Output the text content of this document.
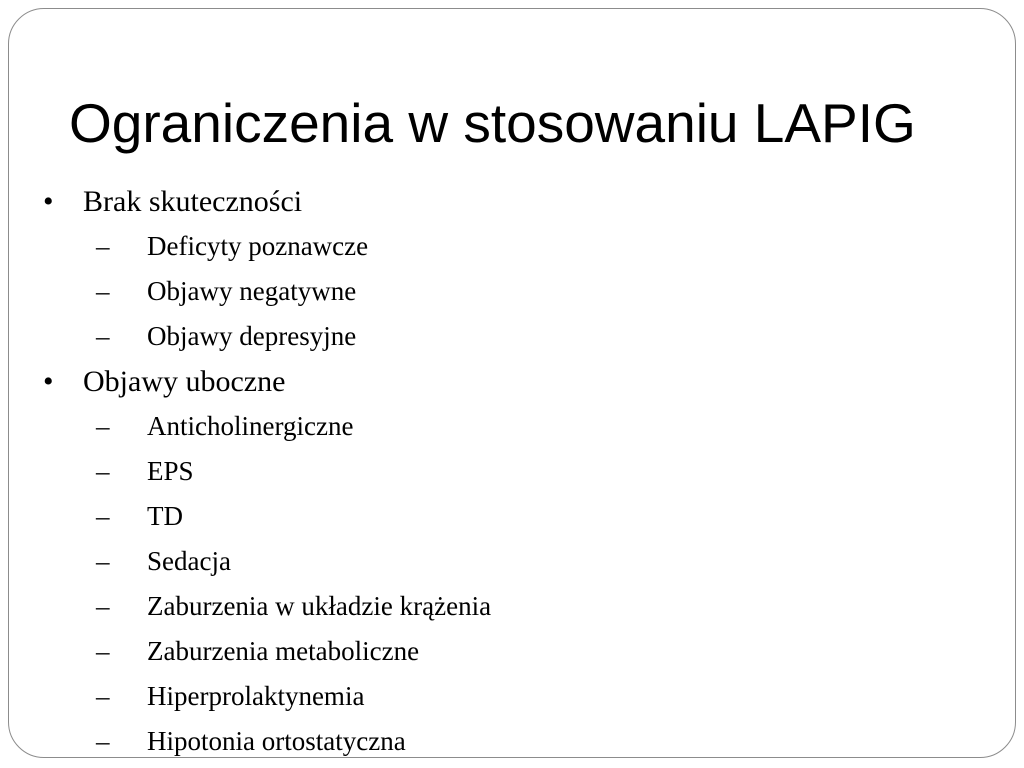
Ograniczenia w stosowaniu LAPIG
• Brak skuteczności
– Deficyty poznawcze
– Objawy negatywne
– Objawy depresyjne
• Objawy uboczne
– Anticholinergiczne
– EPS
– TD
– Sedacja
– Zaburzenia w układzie krążenia
– Zaburzenia metaboliczne
– Hiperprolaktynemia
– Hipotonia ortostatyczna
